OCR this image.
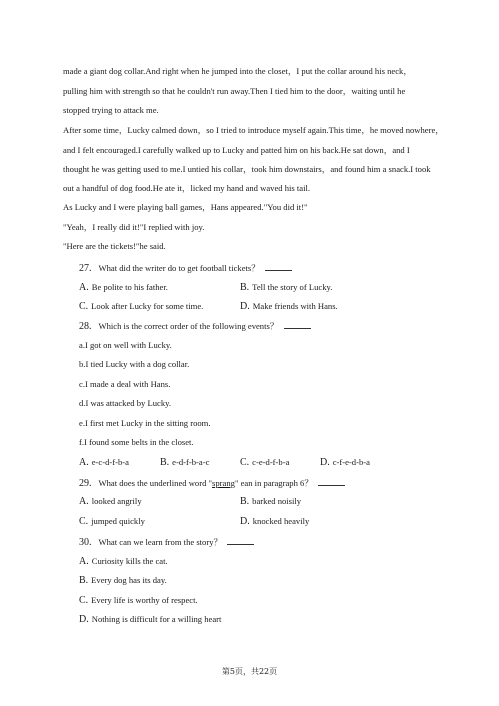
made a giant dog collar.And right when he jumped into the closet，I put the collar around his neck，
pulling him with strength so that he couldn't run away.Then I tied him to the door，waiting until he
stopped trying to attack me.
After some time，Lucky calmed down，so I tried to introduce myself again.This time，he moved nowhere，
and I felt encouraged.I carefully walked up to Lucky and patted him on his back.He sat down，and I
thought he was getting used to me.I untied his collar，took him downstairs，and found him a snack.I took
out a handful of dog food.He ate it，licked my hand and waved his tail.
As Lucky and I were playing ball games，Hans appeared."You did it!"
"Yeah，I really did it!"I replied with joy.
"Here are the tickets!"he said.
27. What did the writer do to get football tickets？
A. Be polite to his father.	B. Tell the story of Lucky.
C. Look after Lucky for some time.	D. Make friends with Hans.
28. Which is the correct order of the following events？
a.I got on well with Lucky.
b.I tied Lucky with a dog collar.
c.I made a deal with Hans.
d.I was attacked by Lucky.
e.I first met Lucky in the sitting room.
f.I found some belts in the closet.
A. e-c-d-f-b-a	B. e-d-f-b-a-c	C. c-e-d-f-b-a	D. c-f-e-d-b-a
29. What does the underlined word "sprang" ean in paragraph 6？
A. looked angrily	B. barked noisily
C. jumped quickly	D. knocked heavily
30. What can we learn from the story？
A. Curiosity kills the cat.
B. Every dog has its day.
C. Every life is worthy of respect.
D. Nothing is difficult for a willing heart
第5页，共22页
